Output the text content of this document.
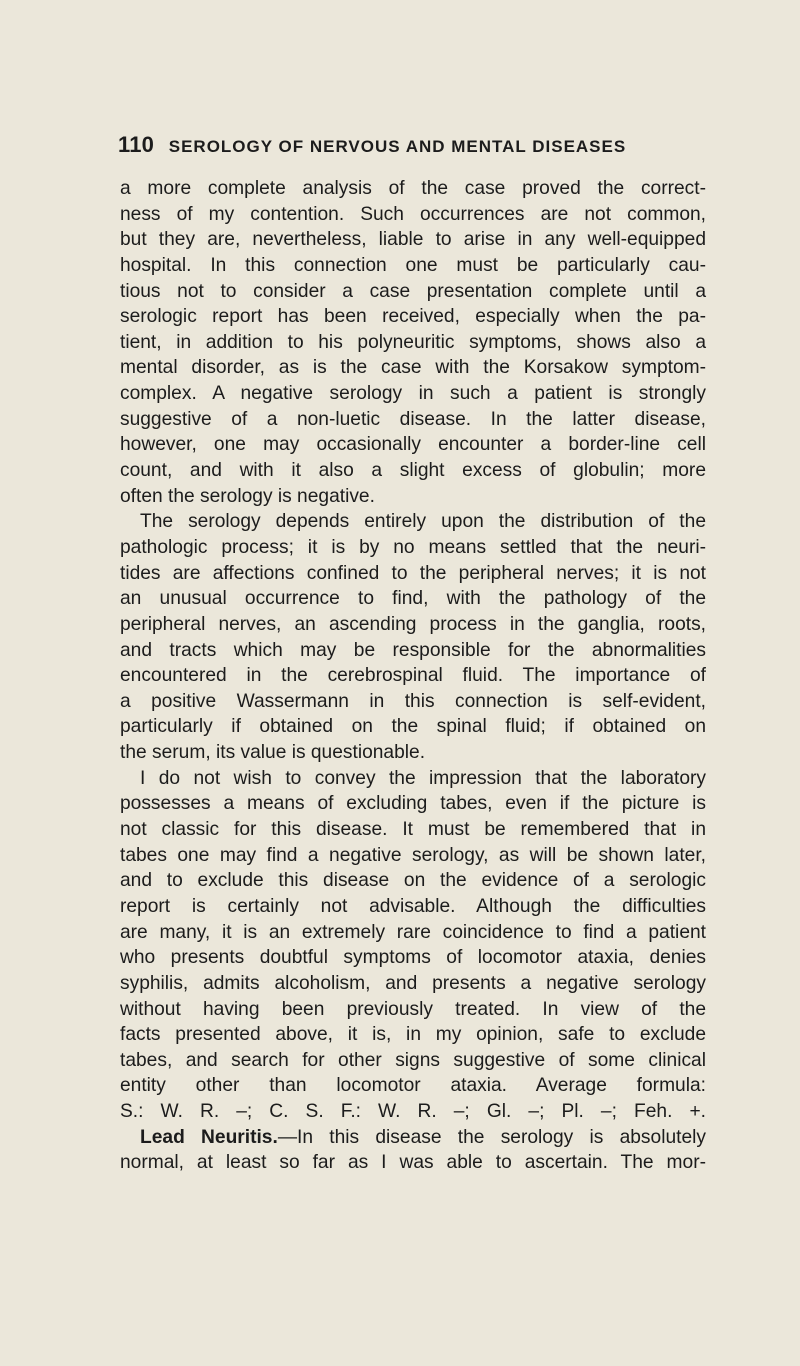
110 SEROLOGY OF NERVOUS AND MENTAL DISEASES
a more complete analysis of the case proved the correct-
ness of my contention. Such occurrences are not common,
but they are, nevertheless, liable to arise in any well-equipped
hospital. In this connection one must be particularly cau-
tious not to consider a case presentation complete until a
serologic report has been received, especially when the pa-
tient, in addition to his polyneuritic symptoms, shows also a
mental disorder, as is the case with the Korsakow symptom-
complex. A negative serology in such a patient is strongly
suggestive of a non-luetic disease. In the latter disease,
however, one may occasionally encounter a border-line cell
count, and with it also a slight excess of globulin; more
often the serology is negative.
The serology depends entirely upon the distribution of the
pathologic process; it is by no means settled that the neuri-
tides are affections confined to the peripheral nerves; it is not
an unusual occurrence to find, with the pathology of the
peripheral nerves, an ascending process in the ganglia, roots,
and tracts which may be responsible for the abnormalities
encountered in the cerebrospinal fluid. The importance of
a positive Wassermann in this connection is self-evident,
particularly if obtained on the spinal fluid; if obtained on
the serum, its value is questionable.
I do not wish to convey the impression that the laboratory
possesses a means of excluding tabes, even if the picture is
not classic for this disease. It must be remembered that in
tabes one may find a negative serology, as will be shown later,
and to exclude this disease on the evidence of a serologic
report is certainly not advisable. Although the difficulties
are many, it is an extremely rare coincidence to find a patient
who presents doubtful symptoms of locomotor ataxia, denies
syphilis, admits alcoholism, and presents a negative serology
without having been previously treated. In view of the
facts presented above, it is, in my opinion, safe to exclude
tabes, and search for other signs suggestive of some clinical
entity other than locomotor ataxia. Average formula:
S.: W. R. –; C. S. F.: W. R. –; Gl. –; Pl. –; Feh. +.
Lead Neuritis.—In this disease the serology is absolutely
normal, at least so far as I was able to ascertain. The mor-
